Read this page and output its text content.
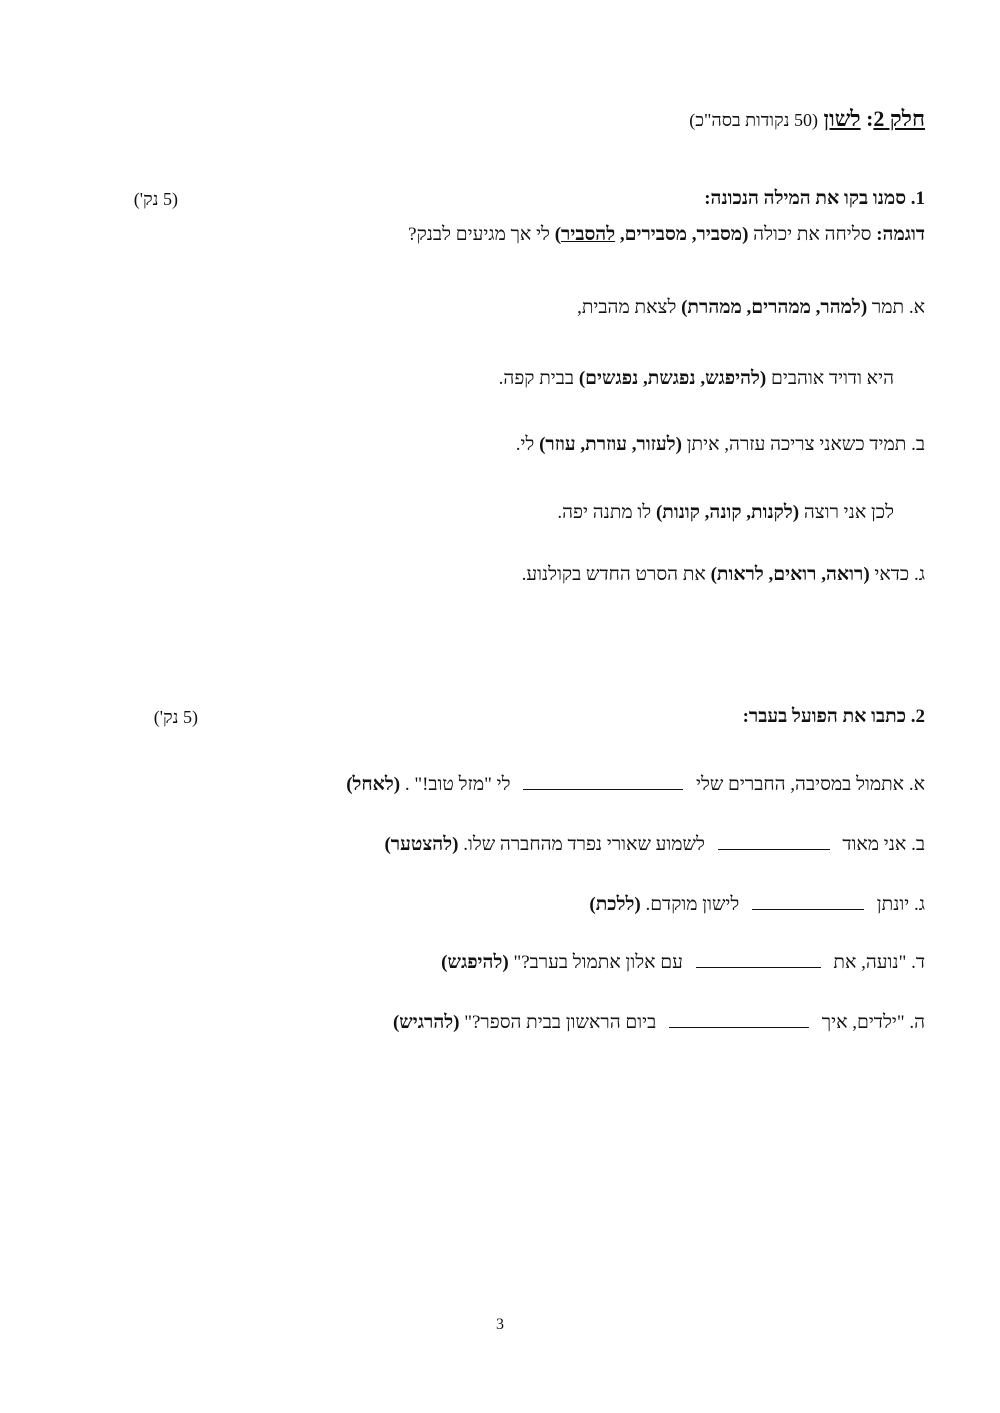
חלק 2: לשון (50 נקודות בסה"כ)
1. סמנו בקו את המילה הנכונה:
(5 נק')
דוגמה: סליחה את יכולה (מסביר, מסבירים, להסביר) לי אך מגיעים לבנק?
א. תמר (למהר, ממהרים, ממהרת) לצאת מהבית,
היא ודויד אוהבים (להיפגש, נפגשת, נפגשים) בבית קפה.
ב. תמיד כשאני צריכה עזרה, איתן (לעזור, עוזרת, עוזר) לי.
לכן אני רוצה (לקנות, קונה, קונות) לו מתנה יפה.
ג. כדאי (רואה, רואים, לראות) את הסרט החדש בקולנוע.
2. כתבו את הפועל בעבר:
(5 נק')
א. אתמול במסיבה, החברים שלי  לי "מזל טוב!" . (לאחל)
ב. אני מאוד  לשמוע שאורי נפרד מהחברה שלו. (להצטער)
ג. יונתן  לישון מוקדם. (ללכת)
ד. "נועה, את  עם אלון אתמול בערב?" (להיפגש)
ה. "ילדים, איך  ביום הראשון בבית הספר?" (להרגיש)
3
